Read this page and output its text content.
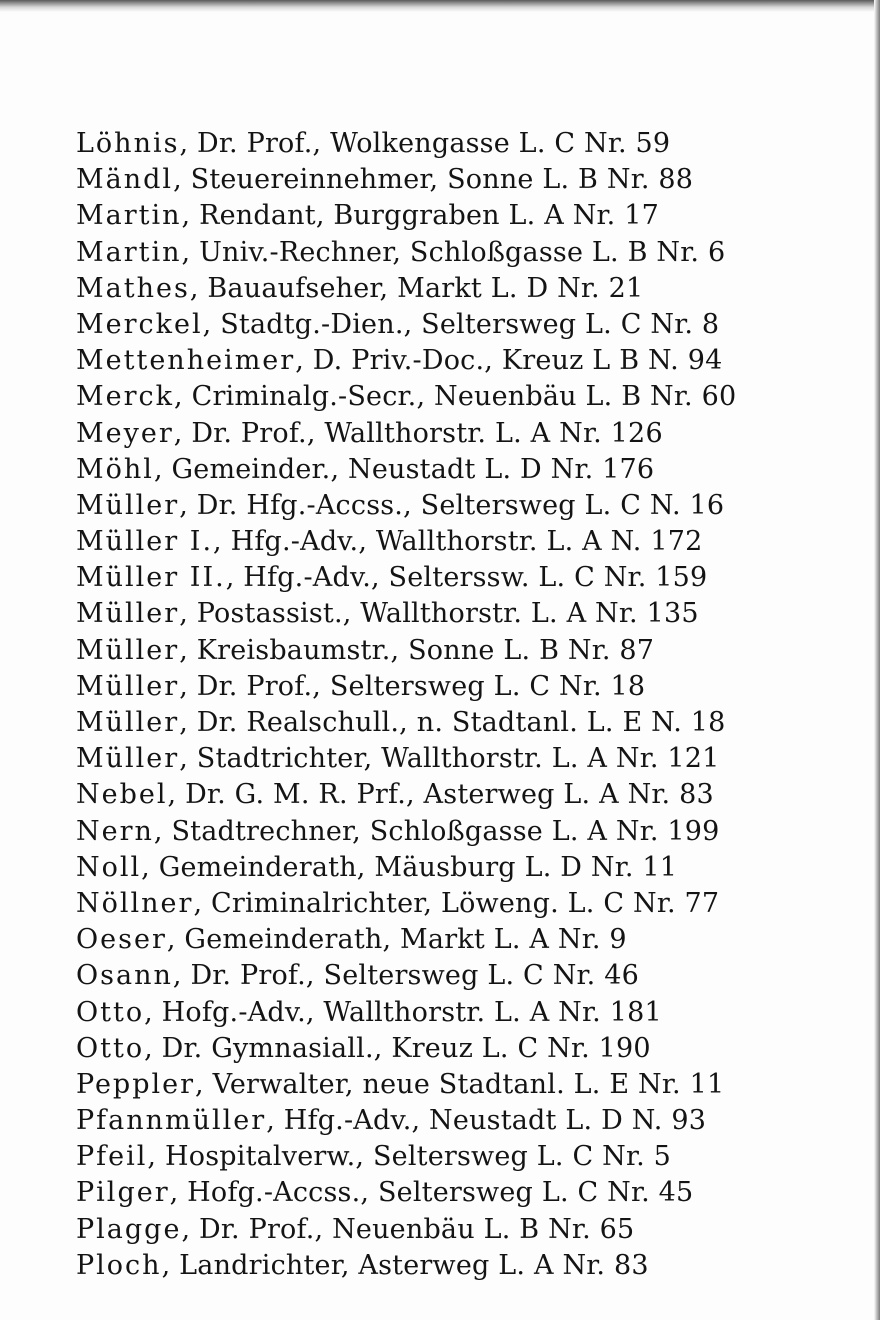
Löhnis, Dr. Prof., Wolkengasse L. C Nr. 59
Mändl, Steuereinnehmer, Sonne L. B Nr. 88
Martin, Rendant, Burggraben L. A Nr. 17
Martin, Univ.-Rechner, Schloßgasse L. B Nr. 6
Mathes, Bauaufseher, Markt L. D Nr. 21
Merckel, Stadtg.-Dien., Seltersweg L. C Nr. 8
Mettenheimer, D. Priv.-Doc., Kreuz L B N. 94
Merck, Criminalg.-Secr., Neuenbäu L. B Nr. 60
Meyer, Dr. Prof., Wallthorstr. L. A Nr. 126
Möhl, Gemeinder., Neustadt L. D Nr. 176
Müller, Dr. Hfg.-Accss., Seltersweg L. C N. 16
Müller I., Hfg.-Adv., Wallthorstr. L. A N. 172
Müller II., Hfg.-Adv., Selterssw. L. C Nr. 159
Müller, Postassist., Wallthorstr. L. A Nr. 135
Müller, Kreisbaumstr., Sonne L. B Nr. 87
Müller, Dr. Prof., Seltersweg L. C Nr. 18
Müller, Dr. Realschull., n. Stadtanl. L. E N. 18
Müller, Stadtrichter, Wallthorstr. L. A Nr. 121
Nebel, Dr. G. M. R. Prf., Asterweg L. A Nr. 83
Nern, Stadtrechner, Schloßgasse L. A Nr. 199
Noll, Gemeinderath, Mäusburg L. D Nr. 11
Nöllner, Criminalrichter, Löweng. L. C Nr. 77
Oeser, Gemeinderath, Markt L. A Nr. 9
Osann, Dr. Prof., Seltersweg L. C Nr. 46
Otto, Hofg.-Adv., Wallthorstr. L. A Nr. 181
Otto, Dr. Gymnasiall., Kreuz L. C Nr. 190
Peppler, Verwalter, neue Stadtanl. L. E Nr. 11
Pfannmüller, Hfg.-Adv., Neustadt L. D N. 93
Pfeil, Hospitalverw., Seltersweg L. C Nr. 5
Pilger, Hofg.-Accss., Seltersweg L. C Nr. 45
Plagge, Dr. Prof., Neuenbäu L. B Nr. 65
Ploch, Landrichter, Asterweg L. A Nr. 83
